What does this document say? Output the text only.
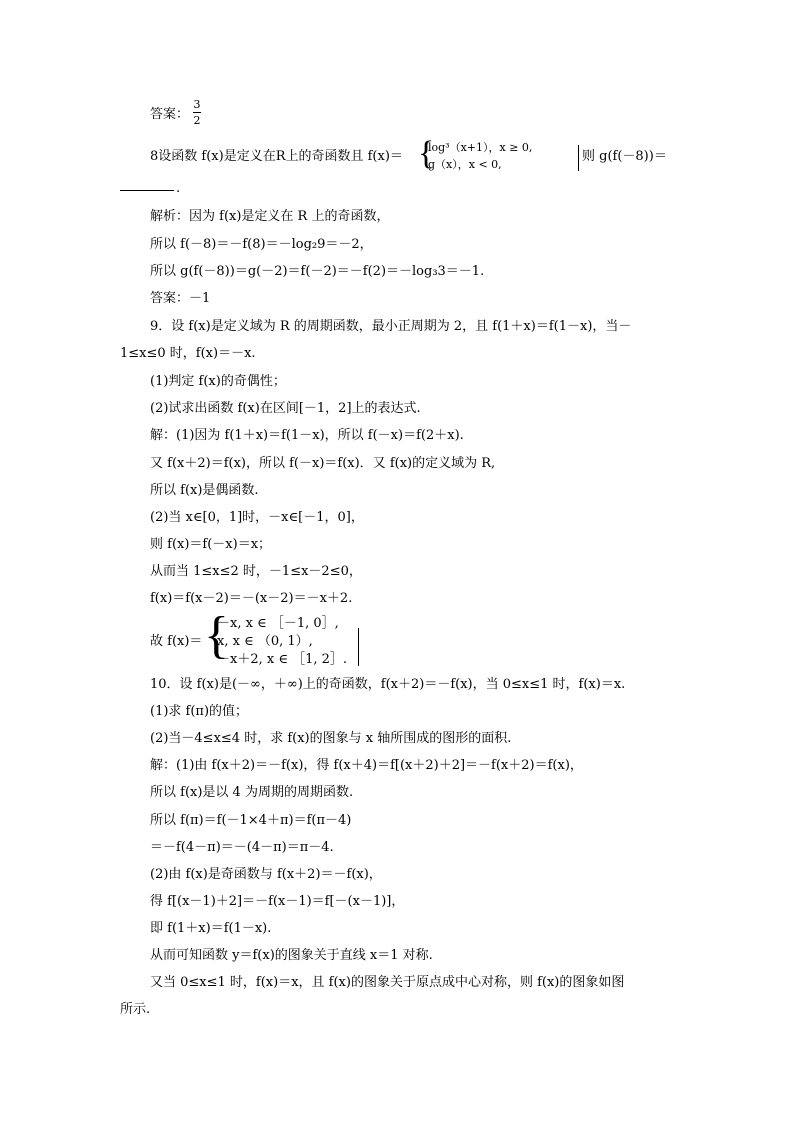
答案：
3
2
8设函数 f(x)是定义在R上的奇函数且 f(x)＝ {
log³（x+1），x ≥ 0,
g（x），x < 0,
则 g(f(－8))＝
.
解析：因为 f(x)是定义在 R 上的奇函数，
所以 f(－8)＝－f(8)＝－log₂9＝－2，
所以 g(f(－8))＝g(－2)＝f(－2)＝－f(2)＝－log₃3＝－1.
答案：－1
9．设 f(x)是定义域为 R 的周期函数，最小正周期为 2，且 f(1＋x)＝f(1－x)，当－
1≤x≤0 时，f(x)＝－x.
(1)判定 f(x)的奇偶性；
(2)试求出函数 f(x)在区间[－1，2]上的表达式.
解：(1)因为 f(1＋x)＝f(1－x)，所以 f(－x)＝f(2＋x).
又 f(x＋2)＝f(x)，所以 f(－x)＝f(x)．又 f(x)的定义域为 R,
所以 f(x)是偶函数.
(2)当 x∈[0，1]时，－x∈[－1，0]，
则 f(x)＝f(－x)＝x；
从而当 1≤x≤2 时，－1≤x－2≤0，
f(x)＝f(x－2)＝－(x－2)＝－x＋2.
故 f(x)＝ {
－x, x ∈ ［－1, 0］,
x, x ∈ （0, 1）,
－x＋2, x ∈ ［1, 2］.
10．设 f(x)是(－∞，＋∞)上的奇函数，f(x＋2)＝－f(x)，当 0≤x≤1 时，f(x)＝x.
(1)求 f(π)的值；
(2)当－4≤x≤4 时，求 f(x)的图象与 x 轴所围成的图形的面积.
解：(1)由 f(x＋2)＝－f(x)，得 f(x＋4)＝f[(x＋2)＋2]＝－f(x＋2)＝f(x)，
所以 f(x)是以 4 为周期的周期函数.
所以 f(π)＝f(－1×4＋π)＝f(π－4)
＝－f(4－π)＝－(4－π)＝π－4.
(2)由 f(x)是奇函数与 f(x＋2)＝－f(x)，
得 f[(x－1)＋2]＝－f(x－1)＝f[－(x－1)]，
即 f(1＋x)＝f(1－x).
从而可知函数 y＝f(x)的图象关于直线 x＝1 对称.
又当 0≤x≤1 时，f(x)＝x，且 f(x)的图象关于原点成中心对称，则 f(x)的图象如图
所示.
